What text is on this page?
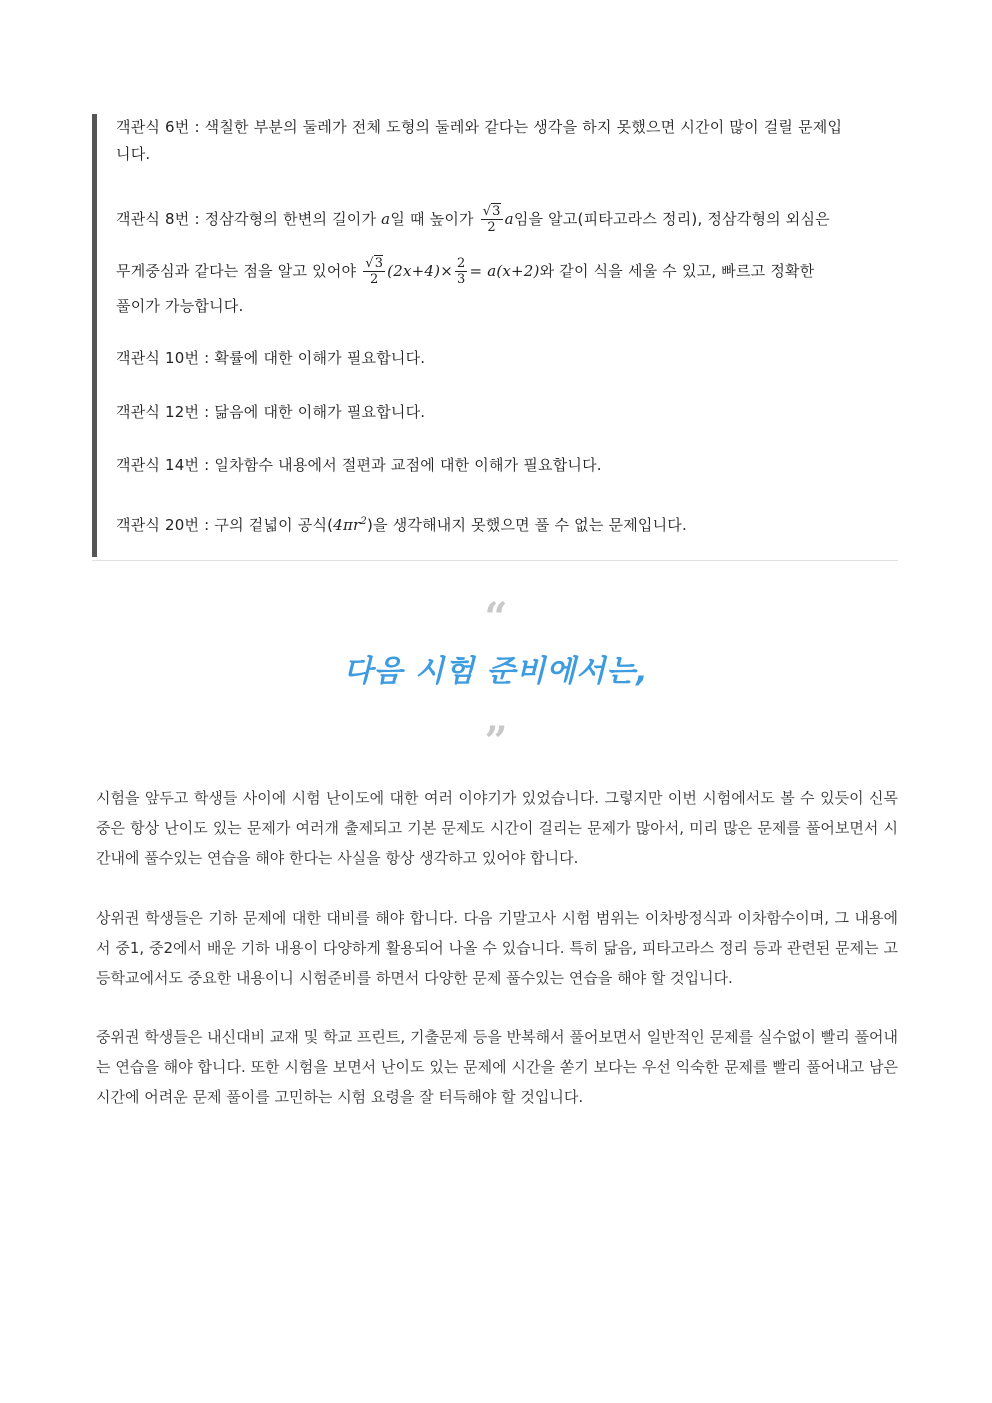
객관식 6번 : 색칠한 부분의 둘레가 전체 도형의 둘레와 같다는 생각을 하지 못했으면 시간이 많이 걸릴 문제입
니다.
객관식 8번 : 정삼각형의 한변의 길이가 a일 때 높이가 $\frac{√3}{2}$ a임을 알고(피타고라스 정리), 정삼각형의 외심은
무게중심과 같다는 점을 알고 있어야 $\frac{√3}{2} (2x+4)\times \frac{2}{3} = a(x+2)$와 같이 식을 세울 수 있고, 빠르고 정확한
풀이가 가능합니다.
객관식 10번 : 확률에 대한 이해가 필요합니다.
객관식 12번 : 닮음에 대한 이해가 필요합니다.
객관식 14번 : 일차함수 내용에서 절편과 교점에 대한 이해가 필요합니다.
객관식 20번 : 구의 겉넓이 공식$(4\pi r^2)$을 생각해내지 못했으면 풀 수 없는 문제입니다.
“
다음 시험 준비에서는,
”
시험을 앞두고 학생들 사이에 시험 난이도에 대한 여러 이야기가 있었습니다. 그렇지만 이번 시험에서도 볼 수 있듯이 신목중은 항상 난이도 있는 문제가 여러개 출제되고 기본 문제도 시간이 걸리는 문제가 많아서, 미리 많은 문제를 풀어보면서 시간내에 풀수있는 연습을 해야 한다는 사실을 항상 생각하고 있어야 합니다.
상위권 학생들은 기하 문제에 대한 대비를 해야 합니다. 다음 기말고사 시험 범위는 이차방정식과 이차함수이며, 그 내용에서 중1, 중2에서 배운 기하 내용이 다양하게 활용되어 나올 수 있습니다. 특히 닮음, 피타고라스 정리 등과 관련된 문제는 고등학교에서도 중요한 내용이니 시험준비를 하면서 다양한 문제 풀수있는 연습을 해야 할 것입니다.
중위권 학생들은 내신대비 교재 및 학교 프린트, 기출문제 등을 반복해서 풀어보면서 일반적인 문제를 실수없이 빨리 풀어내는 연습을 해야 합니다. 또한 시험을 보면서 난이도 있는 문제에 시간을 쏟기 보다는 우선 익숙한 문제를 빨리 풀어내고 남은 시간에 어려운 문제 풀이를 고민하는 시험 요령을 잘 터득해야 할 것입니다.
